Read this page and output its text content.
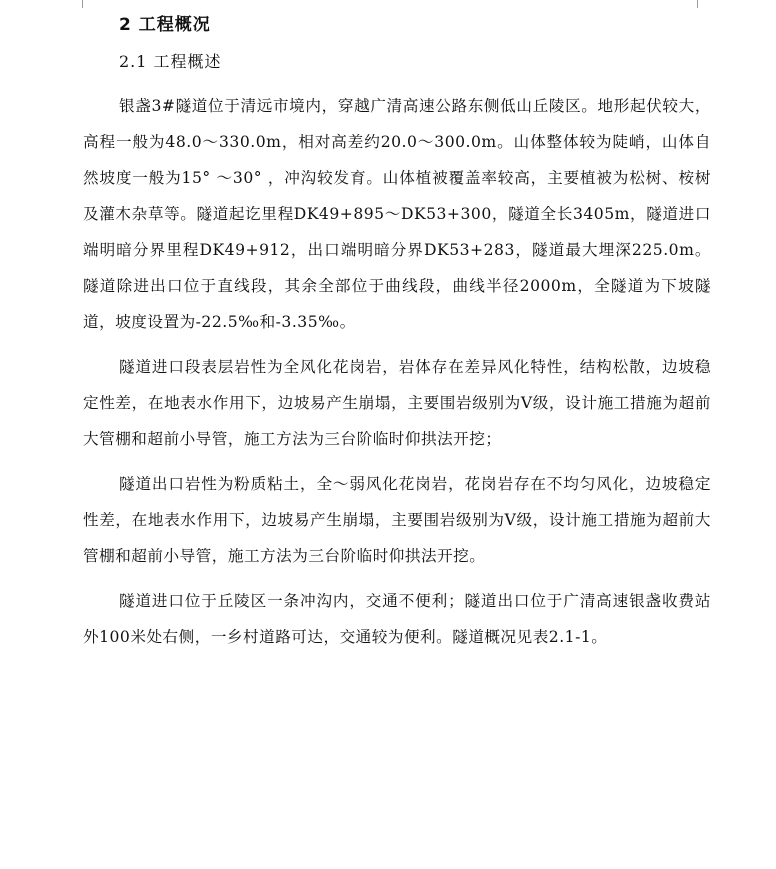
2 工程概况
2.1 工程概述

银盏3#隧道位于清远市境内，穿越广清高速公路东侧低山丘陵区。地形起伏较大，高程一般为48.0～330.0m，相对高差约20.0～300.0m。山体整体较为陡峭，山体自然坡度一般为15° ～30° ，冲沟较发育。山体植被覆盖率较高，主要植被为松树、桉树及灌木杂草等。隧道起讫里程DK49+895～DK53+300，隧道全长3405m，隧道进口端明暗分界里程DK49+912，出口端明暗分界DK53+283，隧道最大埋深225.0m。隧道除进出口位于直线段，其余全部位于曲线段，曲线半径2000m，全隧道为下坡隧道，坡度设置为-22.5‰和-3.35‰。

隧道进口段表层岩性为全风化花岗岩，岩体存在差异风化特性，结构松散，边坡稳定性差，在地表水作用下，边坡易产生崩塌，主要围岩级别为V级，设计施工措施为超前大管棚和超前小导管，施工方法为三台阶临时仰拱法开挖；

隧道出口岩性为粉质粘土，全～弱风化花岗岩，花岗岩存在不均匀风化，边坡稳定性差，在地表水作用下，边坡易产生崩塌，主要围岩级别为V级，设计施工措施为超前大管棚和超前小导管，施工方法为三台阶临时仰拱法开挖。

隧道进口位于丘陵区一条冲沟内，交通不便利；隧道出口位于广清高速银盏收费站外100米处右侧，一乡村道路可达，交通较为便利。隧道概况见表2.1-1。
